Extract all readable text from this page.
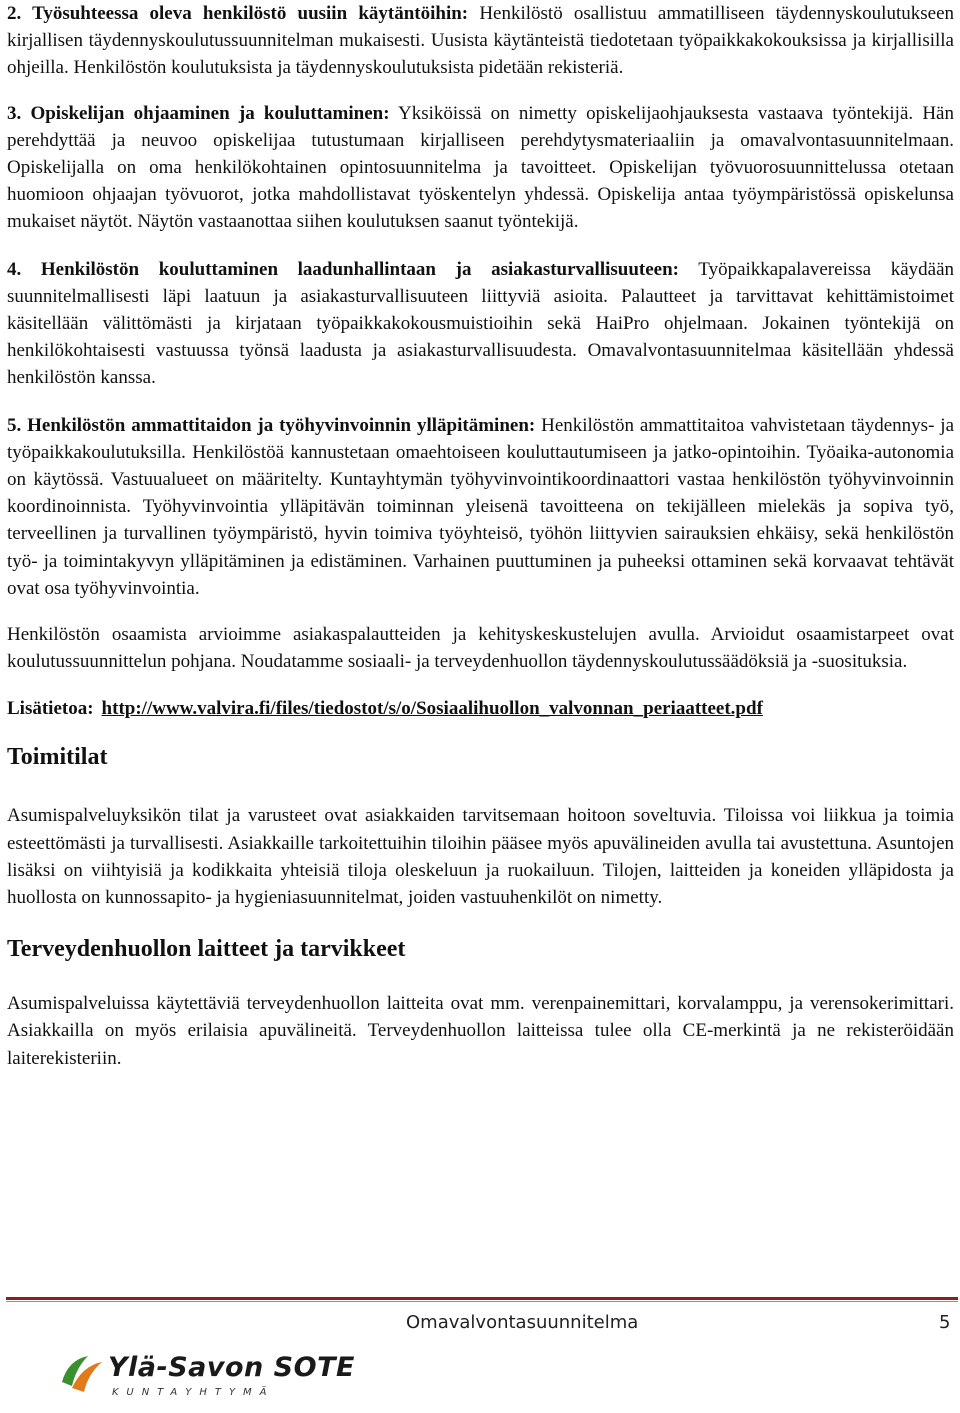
2. Työsuhteessa oleva henkilöstö uusiin käytäntöihin: Henkilöstö osallistuu ammatilliseen täydennyskoulutukseen kirjallisen täydennyskoulutussuunnitelman mukaisesti. Uusista käytänteistä tiedotetaan työpaikkakokouksissa ja kirjallisilla ohjeilla. Henkilöstön koulutuksista ja täydennyskoulutuksista pidetään rekisteriä.

3. Opiskelijan ohjaaminen ja kouluttaminen: Yksiköissä on nimetty opiskelijaohjauksesta vastaava työntekijä. Hän perehdyttää ja neuvoo opiskelijaa tutustumaan kirjalliseen perehdytysmateriaaliin ja omavalvontasuunnitelmaan. Opiskelijalla on oma henkilökohtainen opintosuunnitelma ja tavoitteet. Opiskelijan työvuorosuunnittelussa otetaan huomioon ohjaajan työvuorot, jotka mahdollistavat työskentelyn yhdessä. Opiskelija antaa työympäristössä opiskelunsa mukaiset näytöt. Näytön vastaanottaa siihen koulutuksen saanut työntekijä.

4. Henkilöstön kouluttaminen laadunhallintaan ja asiakasturvallisuuteen: Työpaikkapalavereissa käydään suunnitelmallisesti läpi laatuun ja asiakasturvallisuuteen liittyviä asioita. Palautteet ja tarvittavat kehittämistoimet käsitellään välittömästi ja kirjataan työpaikkakokousmuistioihin sekä HaiPro ohjelmaan. Jokainen työntekijä on henkilökohtaisesti vastuussa työnsä laadusta ja asiakasturvallisuudesta. Omavalvontasuunnitelmaa käsitellään yhdessä henkilöstön kanssa.

5. Henkilöstön ammattitaidon ja työhyvinvoinnin ylläpitäminen: Henkilöstön ammattitaitoa vahvistetaan täydennys- ja työpaikkakoulutuksilla. Henkilöstöä kannustetaan omaehtoiseen kouluttautumiseen ja jatko-opintoihin. Työaika-autonomia on käytössä. Vastuualueet on määritelty. Kuntayhtymän työhyvinvointikoordinaattori vastaa henkilöstön työhyvinvoinnin koordinoinnista. Työhyvinvointia ylläpitävän toiminnan yleisenä tavoitteena on tekijälleen mielekäs ja sopiva työ, terveellinen ja turvallinen työympäristö, hyvin toimiva työyhteisö, työhön liittyvien sairauksien ehkäisy, sekä henkilöstön työ- ja toimintakyvyn ylläpitäminen ja edistäminen. Varhainen puuttuminen ja puheeksi ottaminen sekä korvaavat tehtävät ovat osa työhyvinvointia.

Henkilöstön osaamista arvioimme asiakaspalautteiden ja kehityskeskustelujen avulla. Arvioidut osaamistarpeet ovat koulutussuunnittelun pohjana. Noudatamme sosiaali- ja terveydenhuollon täydennyskoulutussäädöksiä ja -suosituksia.

Lisätietoa: http://www.valvira.fi/files/tiedostot/s/o/Sosiaalihuollon_valvonnan_periaatteet.pdf
Toimitilat

Asumispalveluyksikön tilat ja varusteet ovat asiakkaiden tarvitsemaan hoitoon soveltuvia. Tiloissa voi liikkua ja toimia esteettömästi ja turvallisesti. Asiakkaille tarkoitettuihin tiloihin pääsee myös apuvälineiden avulla tai avustettuna. Asuntojen lisäksi on viihtyisiä ja kodikkaita yhteisiä tiloja oleskeluun ja ruokailuun. Tilojen, laitteiden ja koneiden ylläpidosta ja huollosta on kunnossapito- ja hygieniasuunnitelmat, joiden vastuuhenkilöt on nimetty.

Terveydenhuollon laitteet ja tarvikkeet

Asumispalveluissa käytettäviä terveydenhuollon laitteita ovat mm. verenpainemittari, korvalamppu, ja verensokerimittari. Asiakkailla on myös erilaisia apuvälineitä. Terveydenhuollon laitteissa tulee olla CE-merkintä ja ne rekisteröidään laiterekisteriin.

Omavalvontasuunnitelma	5
Ylä-Savon SOTE
KUNTAYHTYMÄ
